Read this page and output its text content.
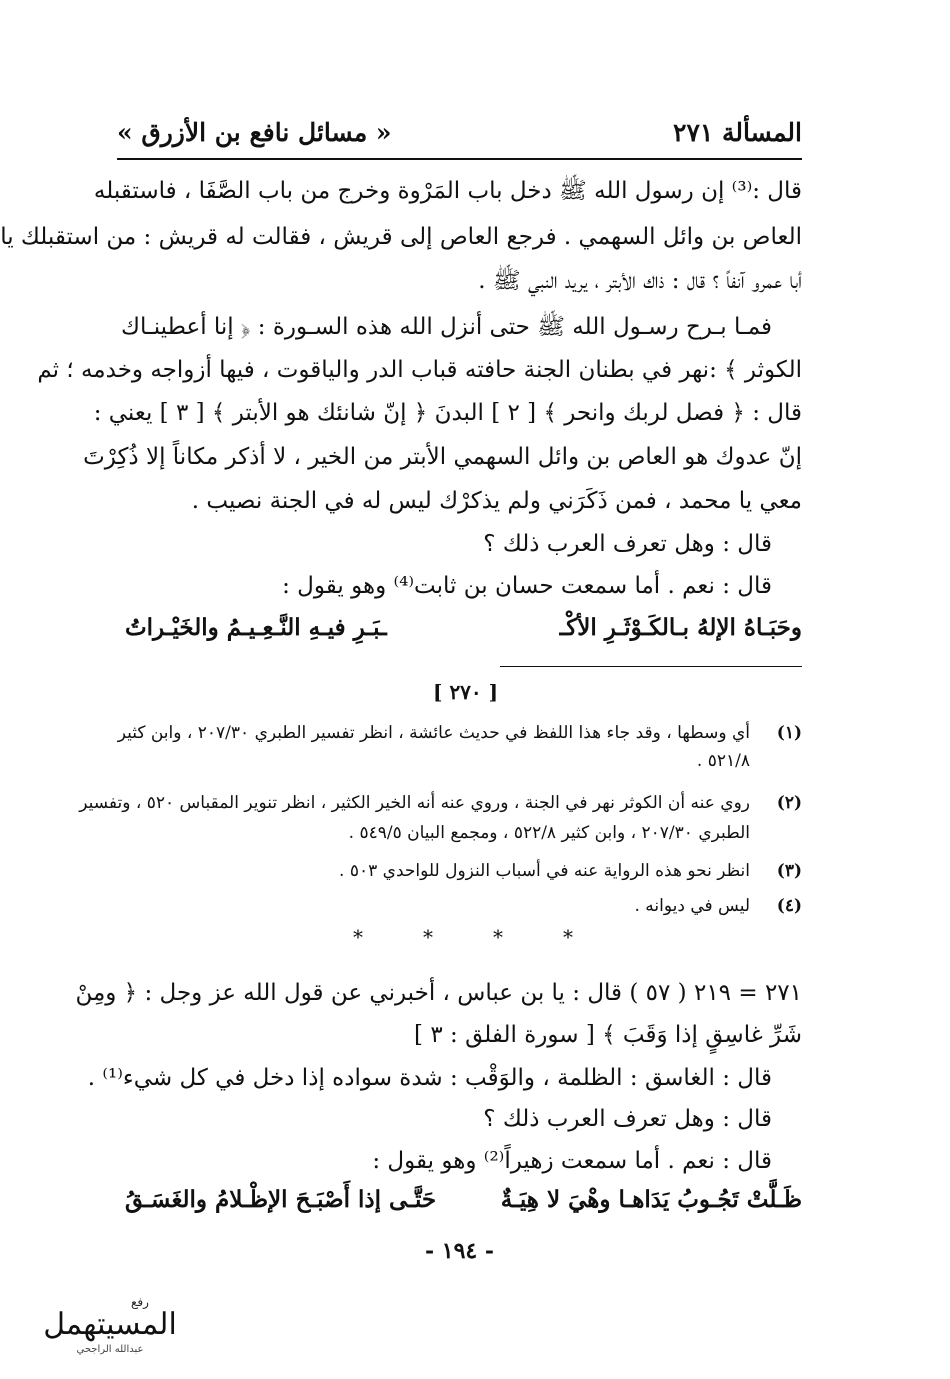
المسألة ٢٧١
« مسائل نافع بن الأزرق »
قال :⁽³⁾ إن رسول الله ﷺ دخل باب المَرْوة وخرج من باب الصَّفَا ، فاستقبله
العاص بن وائل السهمي . فرجع العاص إلى قريش ، فقالت له قريش : من استقبلك يا
أبا عمرو آنفاً ؟ قال : ذاك الأبتر ، يريد النبي ﷺ .
فمـا بـرح رسـول الله ﷺ حتى أنزل الله هذه السـورة : ﴿ إنا أعطينـاك
الكوثر ﴾ :نهر في بطنان الجنة حافته قباب الدر والياقوت ، فيها أزواجه وخدمه ؛ ثم
قال : ﴿ فصل لربك وانحر ﴾ [ ٢ ] البدنَ ﴿ إنّ شانئك هو الأبتر ﴾ [ ٣ ] يعني :
إنّ عدوك هو العاص بن وائل السهمي الأبتر من الخير ، لا أذكر مكاناً إلا ذُكِرْتَ
معي يا محمد ، فمن ذَكَرَني ولم يذكرْك ليس له في الجنة نصيب .
قال : وهل تعرف العرب ذلك ؟
قال : نعم . أما سمعت حسان بن ثابت⁽⁴⁾ وهو يقول :
وحَبَـاهُ الإلهُ بـالكَـوْثَـرِ الأكْـ
ـبَـرِ فيـهِ النَّـعِـيـمُ والخَيْـراتُ
[ ٢٧٠ ]
(١)
أي وسطها ، وقد جاء هذا اللفظ في حديث عائشة ، انظر تفسير الطبري ٢٠٧/٣٠ ، وابن كثير
٥٢١/٨ .
(٢)
روي عنه أن الكوثر نهر في الجنة ، وروي عنه أنه الخير الكثير ، انظر تنوير المقباس ٥٢٠ ، وتفسير
الطبري ٢٠٧/٣٠ ، وابن كثير ٥٢٢/٨ ، ومجمع البيان ٥٤٩/٥ .
(٣)
انظر نحو هذه الرواية عنه في أسباب النزول للواحدي ٥٠٣ .
(٤)
ليس في ديوانه .
*	*	*	*
٢٧١ = ٢١٩ ( ٥٧ ) قال : يا بن عباس ، أخبرني عن قول الله عز وجل : ﴿ ومِنْ
شَرِّ غاسِقٍ إذا وَقَبَ ﴾ [ سورة الفلق : ٣ ]
قال : الغاسق : الظلمة ، والوَقْب : شدة سواده إذا دخل في كل شيء⁽¹⁾ .
قال : وهل تعرف العرب ذلك ؟
قال : نعم . أما سمعت زهيراً⁽²⁾ وهو يقول :
ظَـلَّتْ تَجُـوبُ يَدَاهـا وهْيَ لا هِيَـةٌ
حَتَّـى إذا أَصْبَـحَ الإظْـلامُ والغَسَـقُ
- ١٩٤ -
رفع
المسيتهمل
عبدالله الراجحي
